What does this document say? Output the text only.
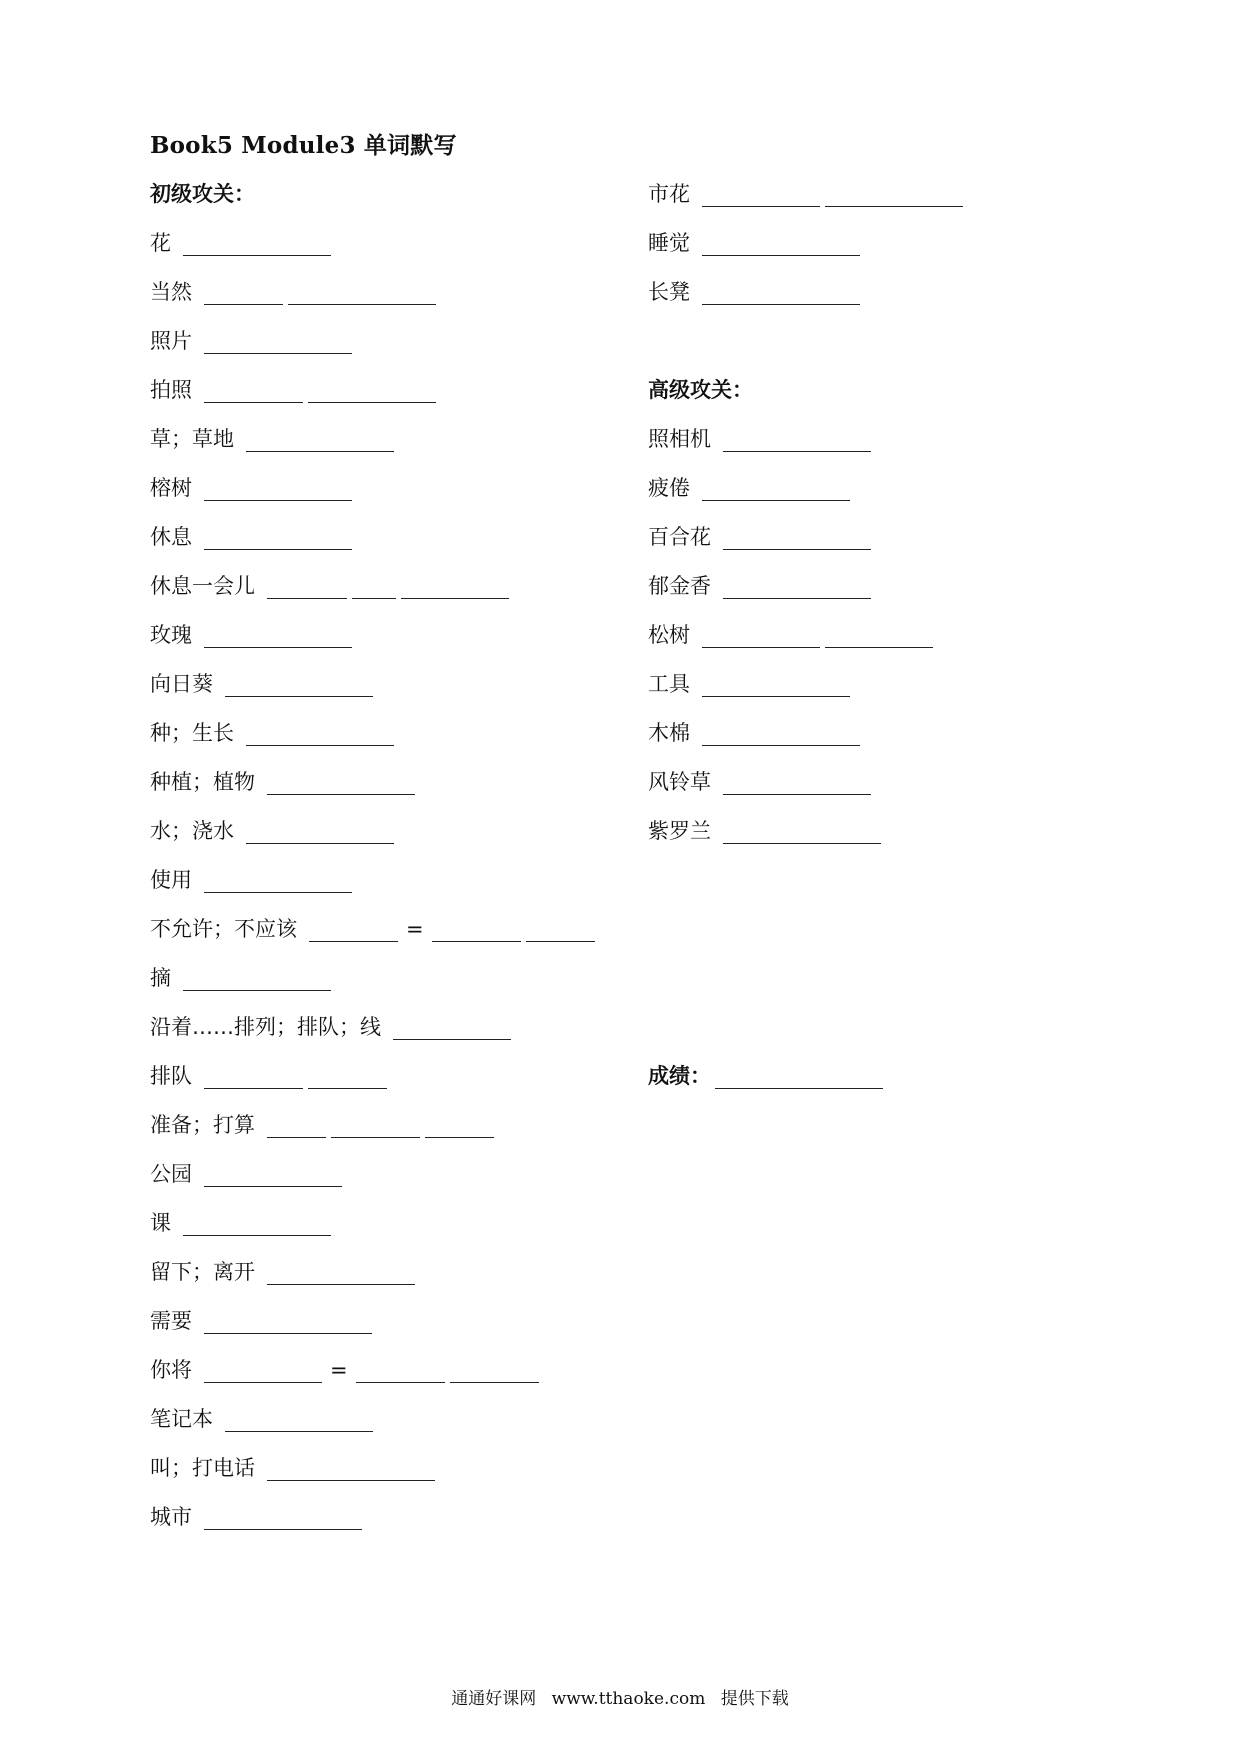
Book5 Module3 单词默写
初级攻关：
花
当然
照片
拍照
草；草地
榕树
休息
休息一会儿
玫瑰
向日葵
种；生长
种植；植物
水；浇水
使用
不允许；不应该	=
摘
沿着……排列；排队；线
排队
准备；打算
公园
课
留下；离开
需要
你将	=
笔记本
叫；打电话
城市
市花
睡觉
长凳
高级攻关：
照相机
疲倦
百合花
郁金香
松树
工具
木棉
风铃草
紫罗兰
成绩：
通通好课网 www.tthaoke.com 提供下载
